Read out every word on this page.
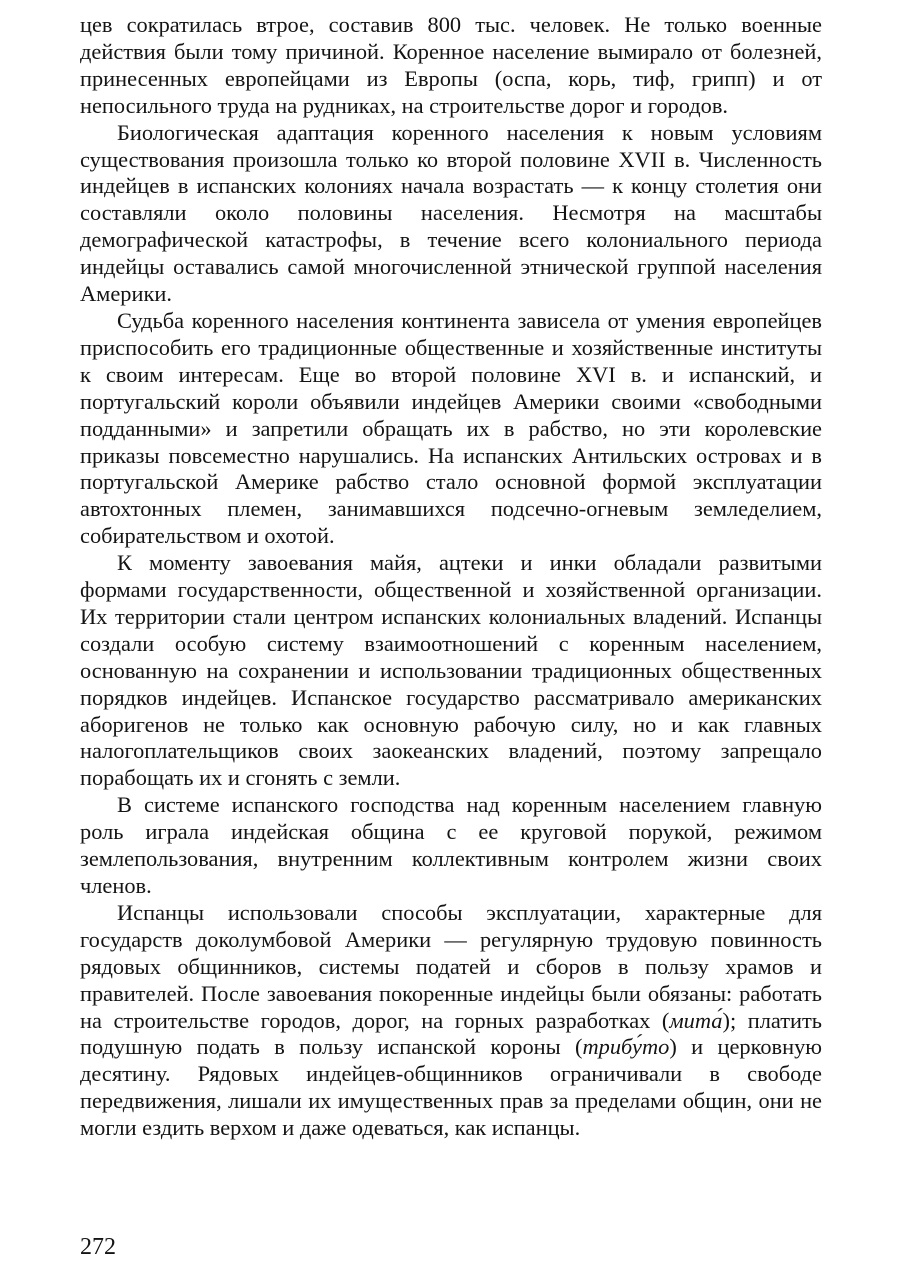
цев сократилась втрое, составив 800 тыс. человек. Не только военные действия были тому причиной. Коренное население вымирало от болезней, принесенных европейцами из Европы (оспа, корь, тиф, грипп) и от непосильного труда на рудниках, на строительстве дорог и городов.

Биологическая адаптация коренного населения к новым условиям существования произошла только ко второй половине XVII в. Численность индейцев в испанских колониях начала возрастать — к концу столетия они составляли около половины населения. Несмотря на масштабы демографической катастрофы, в течение всего колониального периода индейцы оставались самой многочисленной этнической группой населения Америки.

Судьба коренного населения континента зависела от умения европейцев приспособить его традиционные общественные и хозяйственные институты к своим интересам. Еще во второй половине XVI в. и испанский, и португальский короли объявили индейцев Америки своими «свободными подданными» и запретили обращать их в рабство, но эти королевские приказы повсеместно нарушались. На испанских Антильских островах и в португальской Америке рабство стало основной формой эксплуатации автохтонных племен, занимавшихся подсечно-огневым земледелием, собирательством и охотой.

К моменту завоевания майя, ацтеки и инки обладали развитыми формами государственности, общественной и хозяйственной организации. Их территории стали центром испанских колониальных владений. Испанцы создали особую систему взаимоотношений с коренным населением, основанную на сохранении и использовании традиционных общественных порядков индейцев. Испанское государство рассматривало американских аборигенов не только как основную рабочую силу, но и как главных налогоплательщиков своих заокеанских владений, поэтому запрещало порабощать их и сгонять с земли.

В системе испанского господства над коренным населением главную роль играла индейская община с ее круговой порукой, режимом землепользования, внутренним коллективным контролем жизни своих членов.

Испанцы использовали способы эксплуатации, характерные для государств доколумбовой Америки — регулярную трудовую повинность рядовых общинников, системы податей и сборов в пользу храмов и правителей. После завоевания покоренные индейцы были обязаны: работать на строительстве городов, дорог, на горных разработках (мита́); платить подушную подать в пользу испанской короны (трибу́то) и церковную десятину. Рядовых индейцев-общинников ограничивали в свободе передвижения, лишали их имущественных прав за пределами общин, они не могли ездить верхом и даже одеваться, как испанцы.

272
